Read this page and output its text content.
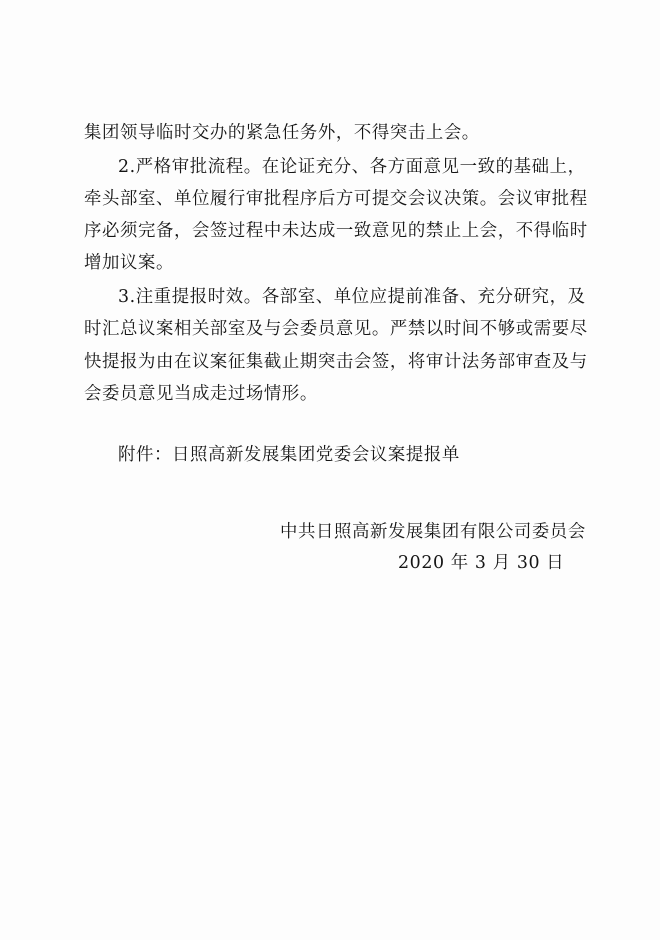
集团领导临时交办的紧急任务外，不得突击上会。

2.严格审批流程。在论证充分、各方面意见一致的基础上，

牵头部室、单位履行审批程序后方可提交会议决策。会议审批程

序必须完备，会签过程中未达成一致意见的禁止上会，不得临时

增加议案。

3.注重提报时效。各部室、单位应提前准备、充分研究，及

时汇总议案相关部室及与会委员意见。严禁以时间不够或需要尽

快提报为由在议案征集截止期突击会签，将审计法务部审查及与

会委员意见当成走过场情形。

附件：日照高新发展集团党委会议案提报单

中共日照高新发展集团有限公司委员会
2020 年 3 月 30 日
